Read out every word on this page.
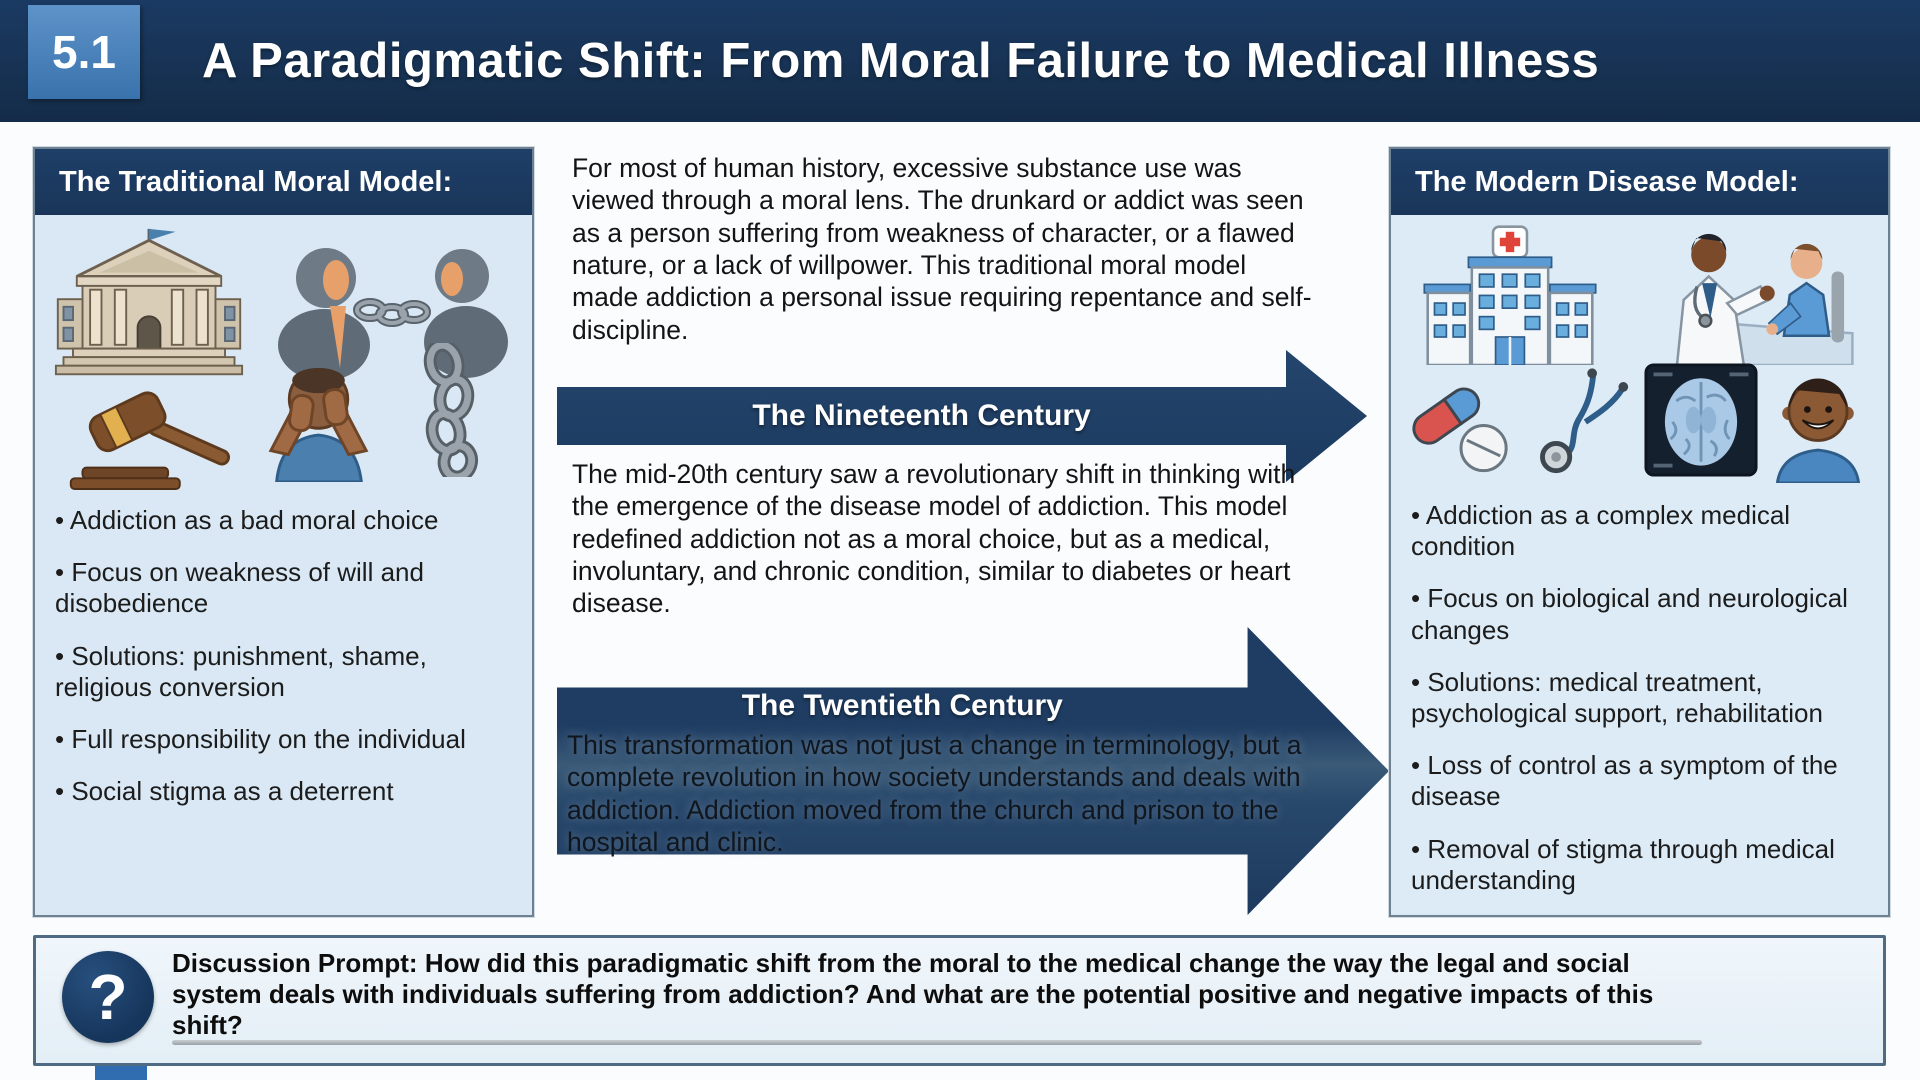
5.1	A Paradigmatic Shift: From Moral Failure to Medical Illness
The Traditional Moral Model:
• Addiction as a bad moral choice
• Focus on weakness of will and disobedience
• Solutions: punishment, shame, religious conversion
• Full responsibility on the individual
• Social stigma as a deterrent

For most of human history, excessive substance use was viewed through a moral lens. The drunkard or addict was seen as a person suffering from weakness of character, or a flawed nature, or a lack of willpower. This traditional moral model made addiction a personal issue requiring repentance and self-discipline.

The Nineteenth Century

The mid-20th century saw a revolutionary shift in thinking with the emergence of the disease model of addiction. This model redefined addiction not as a moral choice, but as a medical, involuntary, and chronic condition, similar to diabetes or heart disease.

The Twentieth Century

This transformation was not just a change in terminology, but a complete revolution in how society understands and deals with addiction. Addiction moved from the church and prison to the hospital and clinic.

The Modern Disease Model:
• Addiction as a complex medical condition
• Focus on biological and neurological changes
• Solutions: medical treatment, psychological support, rehabilitation
• Loss of control as a symptom of the disease
• Removal of stigma through medical understanding
? Discussion Prompt: How did this paradigmatic shift from the moral to the medical change the way the legal and social system deals with individuals suffering from addiction? And what are the potential positive and negative impacts of this shift?
